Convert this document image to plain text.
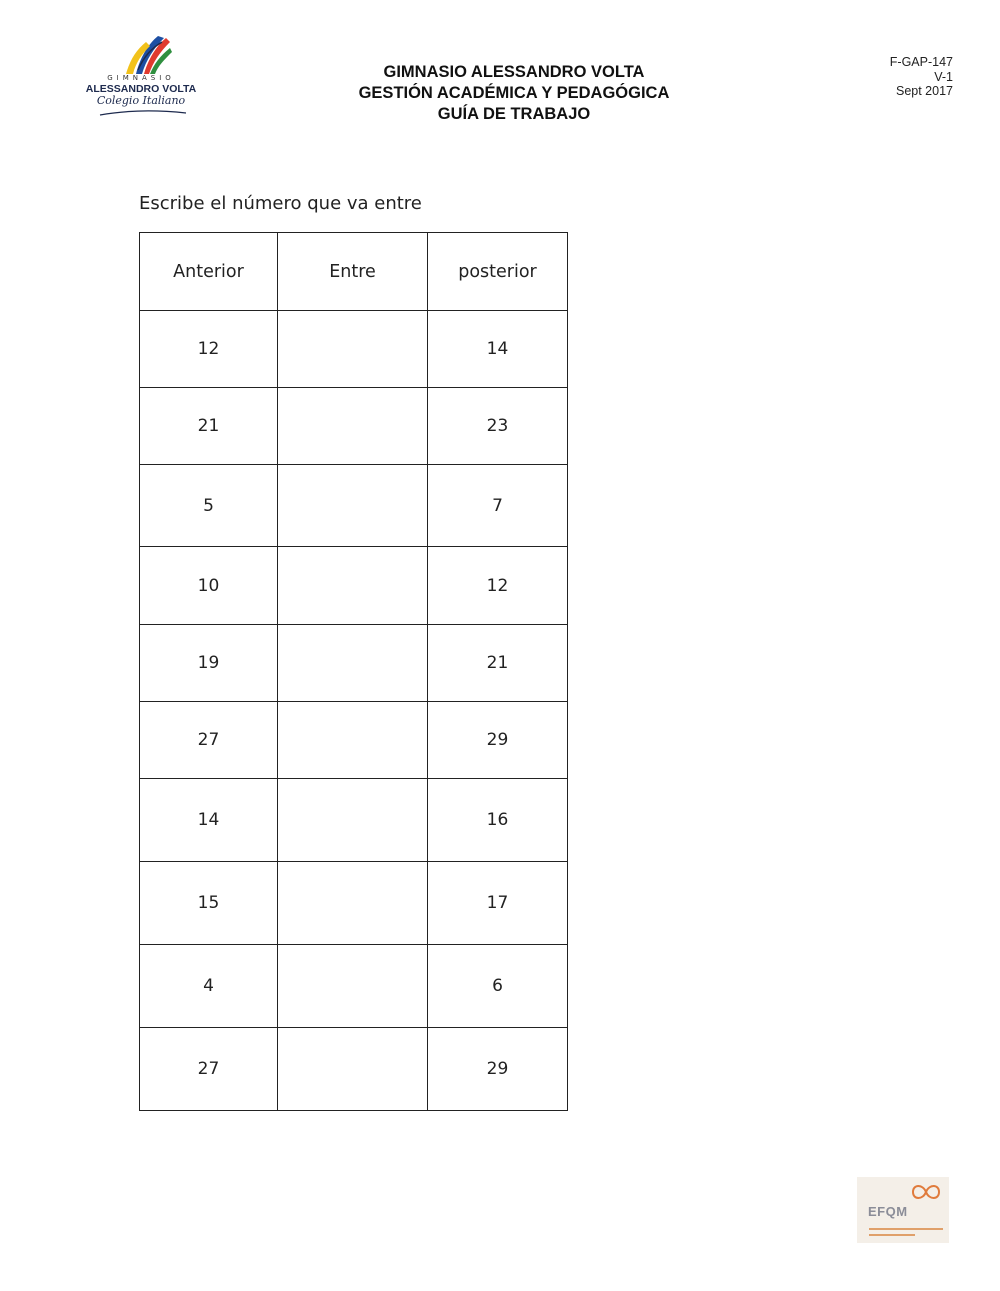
GIMNASIO
ALESSANDRO VOLTA
Colegio Italiano
GIMNASIO ALESSANDRO VOLTA
GESTIÓN ACADÉMICA Y PEDAGÓGICA
GUÍA DE TRABAJO
F-GAP-147
V-1
Sept 2017
Escribe el número que va entre
Anterior	Entre	posterior
12		14
21		23
5		7
10		12
19		21
27		29
14		16
15		17
4		6
27		29
EFQM
